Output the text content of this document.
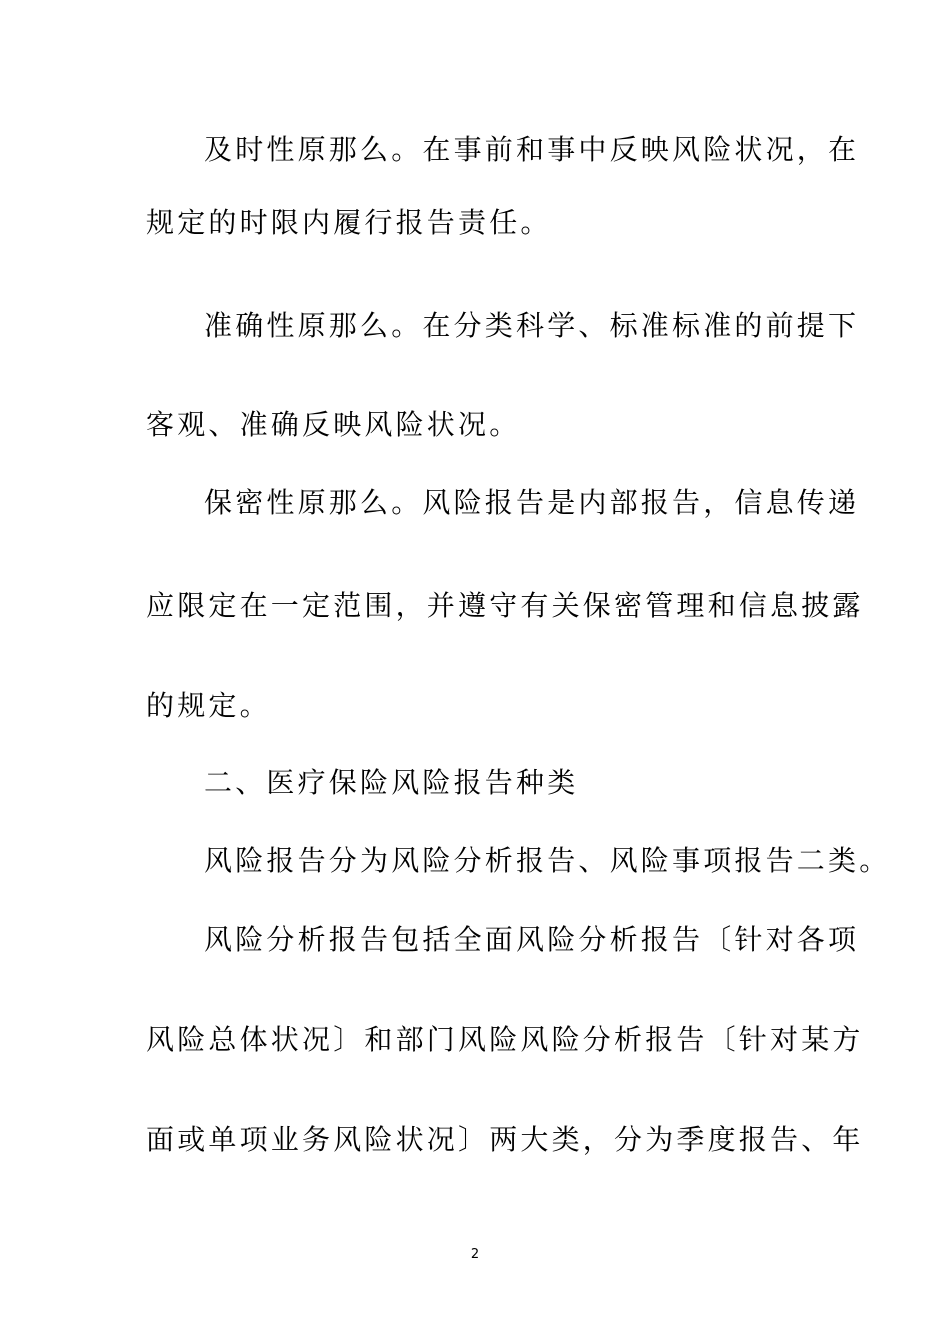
及时性原那么。在事前和事中反映风险状况，在
规定的时限内履行报告责任。
准确性原那么。在分类科学、标准标准的前提下
客观、准确反映风险状况。
保密性原那么。风险报告是内部报告，信息传递
应限定在一定范围，并遵守有关保密管理和信息披露
的规定。
二、医疗保险风险报告种类
风险报告分为风险分析报告、风险事项报告二类。
风险分析报告包括全面风险分析报告〔针对各项
风险总体状况〕和部门风险风险分析报告〔针对某方
面或单项业务风险状况〕两大类，分为季度报告、年
2
